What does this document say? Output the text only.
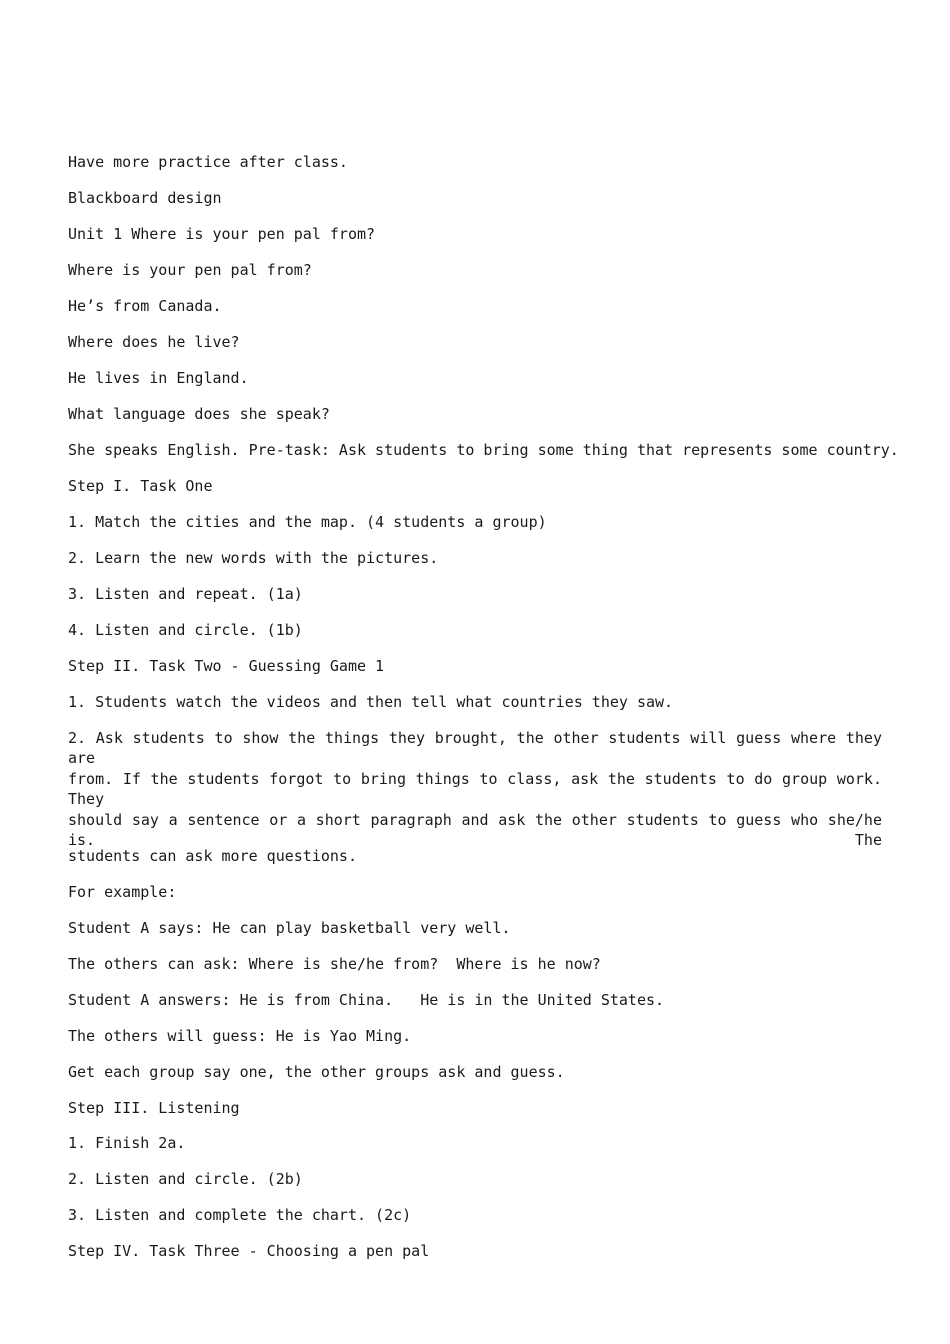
Have more practice after class.
Blackboard design
Unit 1 Where is your pen pal from?
Where is your pen pal from?
He’s from Canada.
Where does he live?
He lives in England.
What language does she speak?
She speaks English. Pre-task: Ask students to bring some thing that represents some country.
Step I. Task One
1. Match the cities and the map. (4 students a group)
2. Learn the new words with the pictures.
3. Listen and repeat. (1a)
4. Listen and circle. (1b)
Step II. Task Two - Guessing Game 1
1. Students watch the videos and then tell what countries they saw.
2. Ask students to show the things they brought, the other students will guess where they are
from. If the students forgot to bring things to class, ask the students to do group work. They
should say a sentence or a short paragraph and ask the other students to guess who she/he is. The
students can ask more questions.
For example:
Student A says: He can play basketball very well.
The others can ask: Where is she/he from?  Where is he now?
Student A answers: He is from China.   He is in the United States.
The others will guess: He is Yao Ming.
Get each group say one, the other groups ask and guess.
Step III. Listening
1. Finish 2a.
2. Listen and circle. (2b)
3. Listen and complete the chart. (2c)
Step IV. Task Three - Choosing a pen pal
